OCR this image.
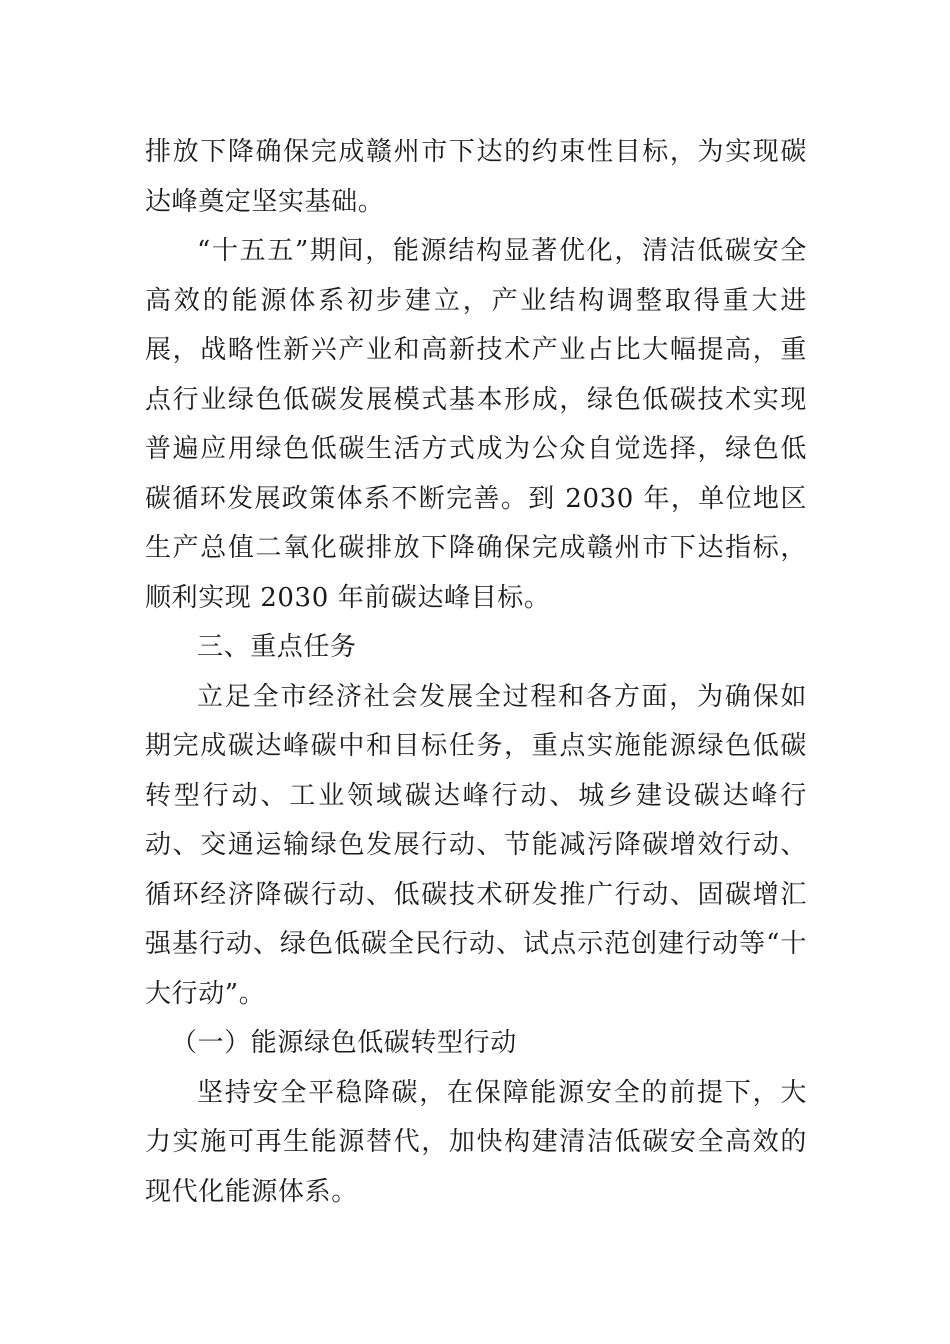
排放下降确保完成赣州市下达的约束性目标，为实现碳达峰奠定坚实基础。

“十五五”期间，能源结构显著优化，清洁低碳安全高效的能源体系初步建立，产业结构调整取得重大进展，战略性新兴产业和高新技术产业占比大幅提高，重点行业绿色低碳发展模式基本形成，绿色低碳技术实现普遍应用绿色低碳生活方式成为公众自觉选择，绿色低碳循环发展政策体系不断完善。到 2030 年，单位地区生产总值二氧化碳排放下降确保完成赣州市下达指标，顺利实现 2030 年前碳达峰目标。

三、重点任务

立足全市经济社会发展全过程和各方面，为确保如期完成碳达峰碳中和目标任务，重点实施能源绿色低碳转型行动、工业领域碳达峰行动、城乡建设碳达峰行动、交通运输绿色发展行动、节能减污降碳增效行动、循环经济降碳行动、低碳技术研发推广行动、固碳增汇强基行动、绿色低碳全民行动、试点示范创建行动等“十大行动”。

（一）能源绿色低碳转型行动

坚持安全平稳降碳，在保障能源安全的前提下，大力实施可再生能源替代，加快构建清洁低碳安全高效的现代化能源体系。
